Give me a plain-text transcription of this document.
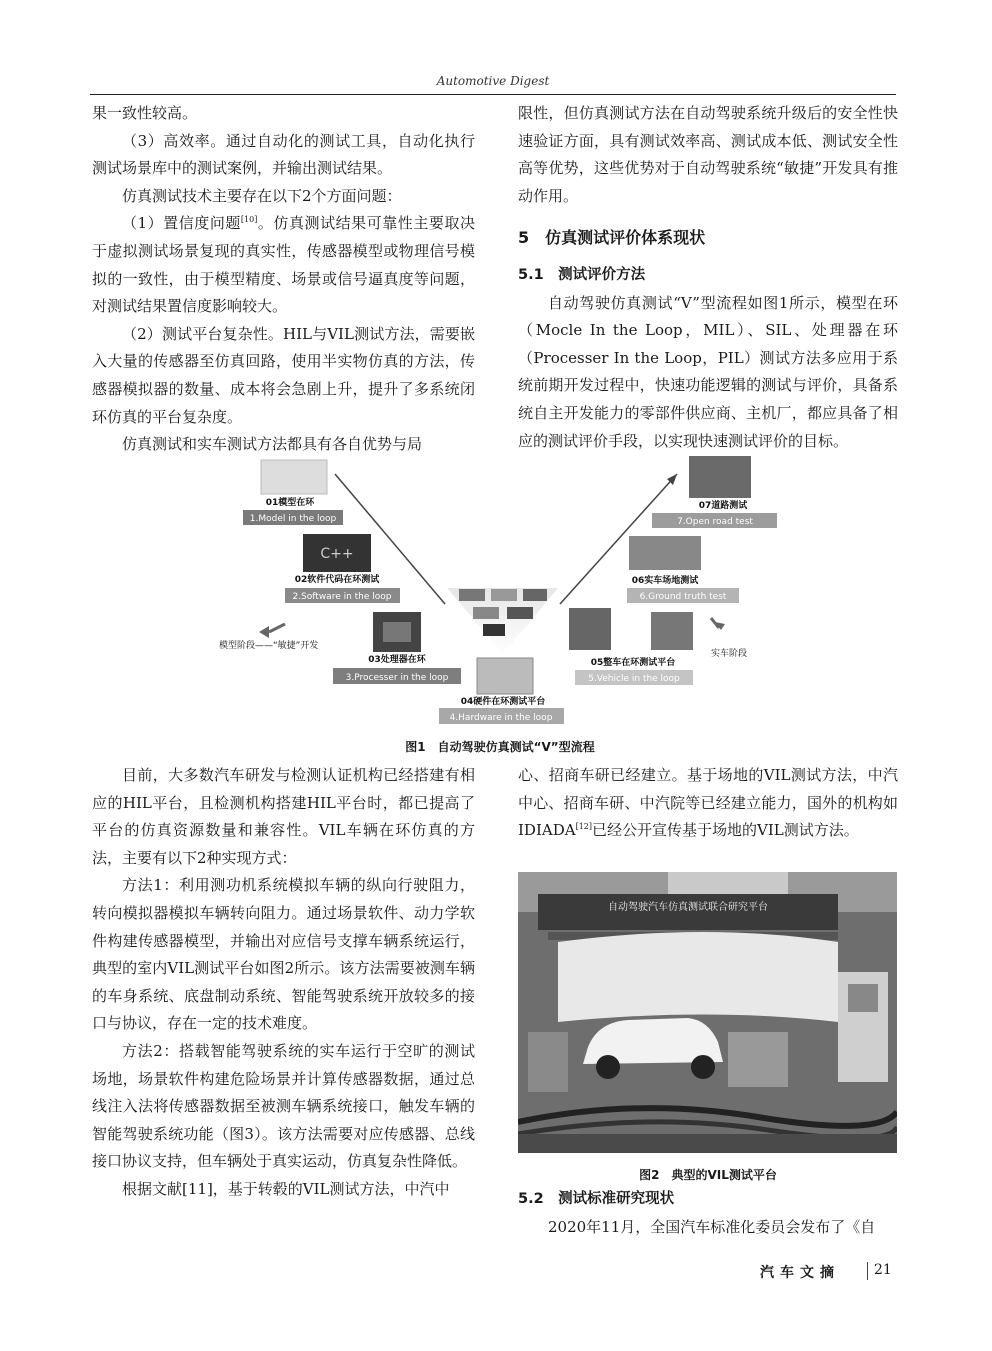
Automotive Digest

果一致性较高。

（3）高效率。通过自动化的测试工具，自动化执行测试场景库中的测试案例，并输出测试结果。

仿真测试技术主要存在以下2个方面问题：

（1）置信度问题[10]。仿真测试结果可靠性主要取决于虚拟测试场景复现的真实性，传感器模型或物理信号模拟的一致性，由于模型精度、场景或信号逼真度等问题，对测试结果置信度影响较大。

（2）测试平台复杂性。HIL与VIL测试方法，需要嵌入大量的传感器至仿真回路，使用半实物仿真的方法，传感器模拟器的数量、成本将会急剧上升，提升了多系统闭环仿真的平台复杂度。

仿真测试和实车测试方法都具有各自优势与局

限性，但仿真测试方法在自动驾驶系统升级后的安全性快速验证方面，具有测试效率高、测试成本低、测试安全性高等优势，这些优势对于自动驾驶系统“敏捷”开发具有推动作用。

5　仿真测试评价体系现状

5.1　测试评价方法

自动驾驶仿真测试“V”型流程如图1所示，模型在环（Mocle In the Loop，MIL）、SIL、处理器在环（Processer In the Loop，PIL）测试方法多应用于系统前期开发过程中，快速功能逻辑的测试与评价，具备系统自主开发能力的零部件供应商、主机厂，都应具备了相应的测试评价手段，以实现快速测试评价的目标。

01模型在环
1.Model in the loop
C++
02软件代码在环测试
2.Software in the loop
03处理器在环
3.Processer in the loop
04硬件在环测试平台
4.Hardware in the loop
05整车在环测试平台
5.Vehicle in the loop
06实车场地测试
6.Ground truth test
07道路测试
7.Open road test
模型阶段——“敏捷”开发
实车阶段
图1　自动驾驶仿真测试“V”型流程

目前，大多数汽车研发与检测认证机构已经搭建有相应的HIL平台，且检测机构搭建HIL平台时，都已提高了平台的仿真资源数量和兼容性。VIL车辆在环仿真的方法，主要有以下2种实现方式：

方法1：利用测功机系统模拟车辆的纵向行驶阻力，转向模拟器模拟车辆转向阻力。通过场景软件、动力学软件构建传感器模型，并输出对应信号支撑车辆系统运行，典型的室内VIL测试平台如图2所示。该方法需要被测车辆的车身系统、底盘制动系统、智能驾驶系统开放较多的接口与协议，存在一定的技术难度。

方法2：搭载智能驾驶系统的实车运行于空旷的测试场地，场景软件构建危险场景并计算传感器数据，通过总线注入法将传感器数据至被测车辆系统接口，触发车辆的智能驾驶系统功能（图3）。该方法需要对应传感器、总线接口协议支持，但车辆处于真实运动，仿真复杂性降低。

根据文献[11]，基于转毂的VIL测试方法，中汽中

心、招商车研已经建立。基于场地的VIL测试方法，中汽中心、招商车研、中汽院等已经建立能力，国外的机构如IDIADA[12]已经公开宣传基于场地的VIL测试方法。

自动驾驶汽车仿真测试联合研究平台
图2　典型的VIL测试平台

5.2　测试标准研究现状

2020年11月，全国汽车标准化委员会发布了《自

汽车文摘 21
